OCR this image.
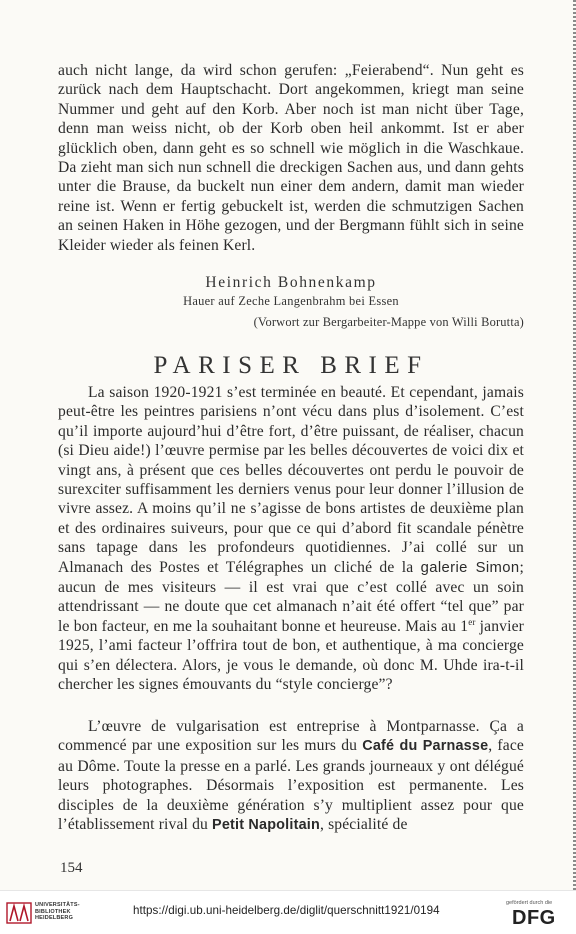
auch nicht lange, da wird schon gerufen: „Feierabend“. Nun geht es zurück nach dem Hauptschacht. Dort angekommen, kriegt man seine Nummer und geht auf den Korb. Aber noch ist man nicht über Tage, denn man weiss nicht, ob der Korb oben heil ankommt. Ist er aber glücklich oben, dann geht es so schnell wie möglich in die Waschkaue. Da zieht man sich nun schnell die dreckigen Sachen aus, und dann gehts unter die Brause, da buckelt nun einer dem andern, damit man wieder reine ist. Wenn er fertig gebuckelt ist, werden die schmutzigen Sachen an seinen Haken in Höhe gezogen, und der Bergmann fühlt sich in seine Kleider wieder als feinen Kerl.

Heinrich Bohnenkamp
Hauer auf Zeche Langenbrahm bei Essen
(Vorwort zur Bergarbeiter-Mappe von Willi Borutta)
PARISER BRIEF

La saison 1920-1921 s’est terminée en beauté. Et cependant, jamais peut-être les peintres parisiens n’ont vécu dans plus d’isolement. C’est qu’il importe aujourd’hui d’être fort, d’être puissant, de réaliser, chacun (si Dieu aide!) l’œuvre permise par les belles découvertes de voici dix et vingt ans, à présent que ces belles découvertes ont perdu le pouvoir de surexciter suffisamment les derniers venus pour leur donner l’illusion de vivre assez. A moins qu’il ne s’agisse de bons artistes de deuxième plan et des ordinaires suiveurs, pour que ce qui d’abord fit scandale pénètre sans tapage dans les profondeurs quotidiennes. J’ai collé sur un Almanach des Postes et Télégraphes un cliché de la galerie Simon; aucun de mes visiteurs — il est vrai que c’est collé avec un soin attendrissant — ne doute que cet almanach n’ait été offert “tel que” par le bon facteur, en me la souhaitant bonne et heureuse. Mais au 1er janvier 1925, l’ami facteur l’offrira tout de bon, et authentique, à ma concierge qui s’en délectera. Alors, je vous le demande, où donc M. Uhde ira-t-il chercher les signes émouvants du “style concierge”?

L’œuvre de vulgarisation est entreprise à Montparnasse. Ça a commencé par une exposition sur les murs du Café du Parnasse, face au Dôme. Toute la presse en a parlé. Les grands journeaux y ont délégué leurs photographes. Désormais l’exposition est permanente. Les disciples de la deuxième génération s’y multiplient assez pour que l’établissement rival du Petit Napolitain, spécialité de

154
UNIVERSITÄTS-
BIBLIOTHEK
HEIDELBERG
https://digi.ub.uni-heidelberg.de/diglit/querschnitt1921/0194
gefördert durch die
DFG
